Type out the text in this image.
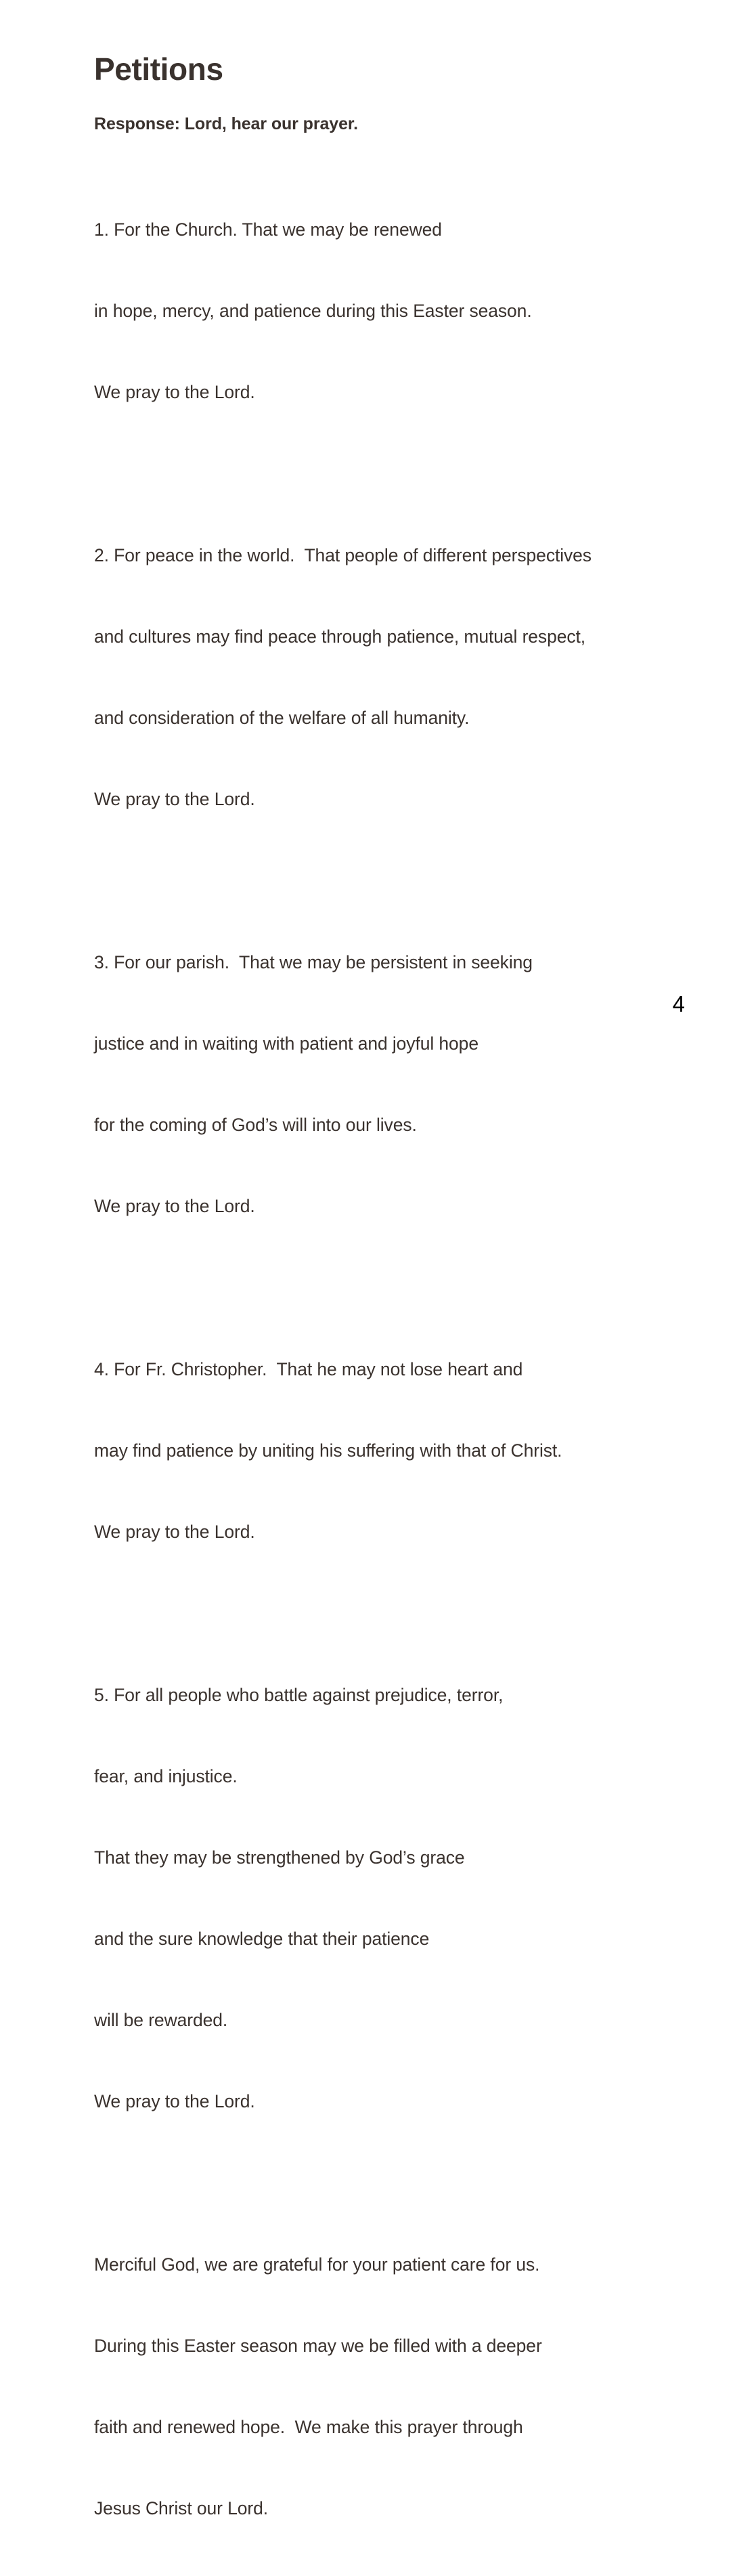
Petitions

Response: Lord, hear our prayer.

1. For the Church. That we may be renewed

in hope, mercy, and patience during this Easter season.

We pray to the Lord.

2. For peace in the world.  That people of different perspectives

and cultures may find peace through patience, mutual respect,

and consideration of the welfare of all humanity.

We pray to the Lord.

3. For our parish.  That we may be persistent in seeking

justice and in waiting with patient and joyful hope

for the coming of God’s will into our lives.

We pray to the Lord.

4. For Fr. Christopher.  That he may not lose heart and

may find patience by uniting his suffering with that of Christ.

We pray to the Lord.

5. For all people who battle against prejudice, terror,

fear, and injustice.

That they may be strengthened by God’s grace

and the sure knowledge that their patience

will be rewarded.

We pray to the Lord.

Merciful God, we are grateful for your patient care for us.

During this Easter season may we be filled with a deeper

faith and renewed hope.  We make this prayer through

Jesus Christ our Lord.

4
